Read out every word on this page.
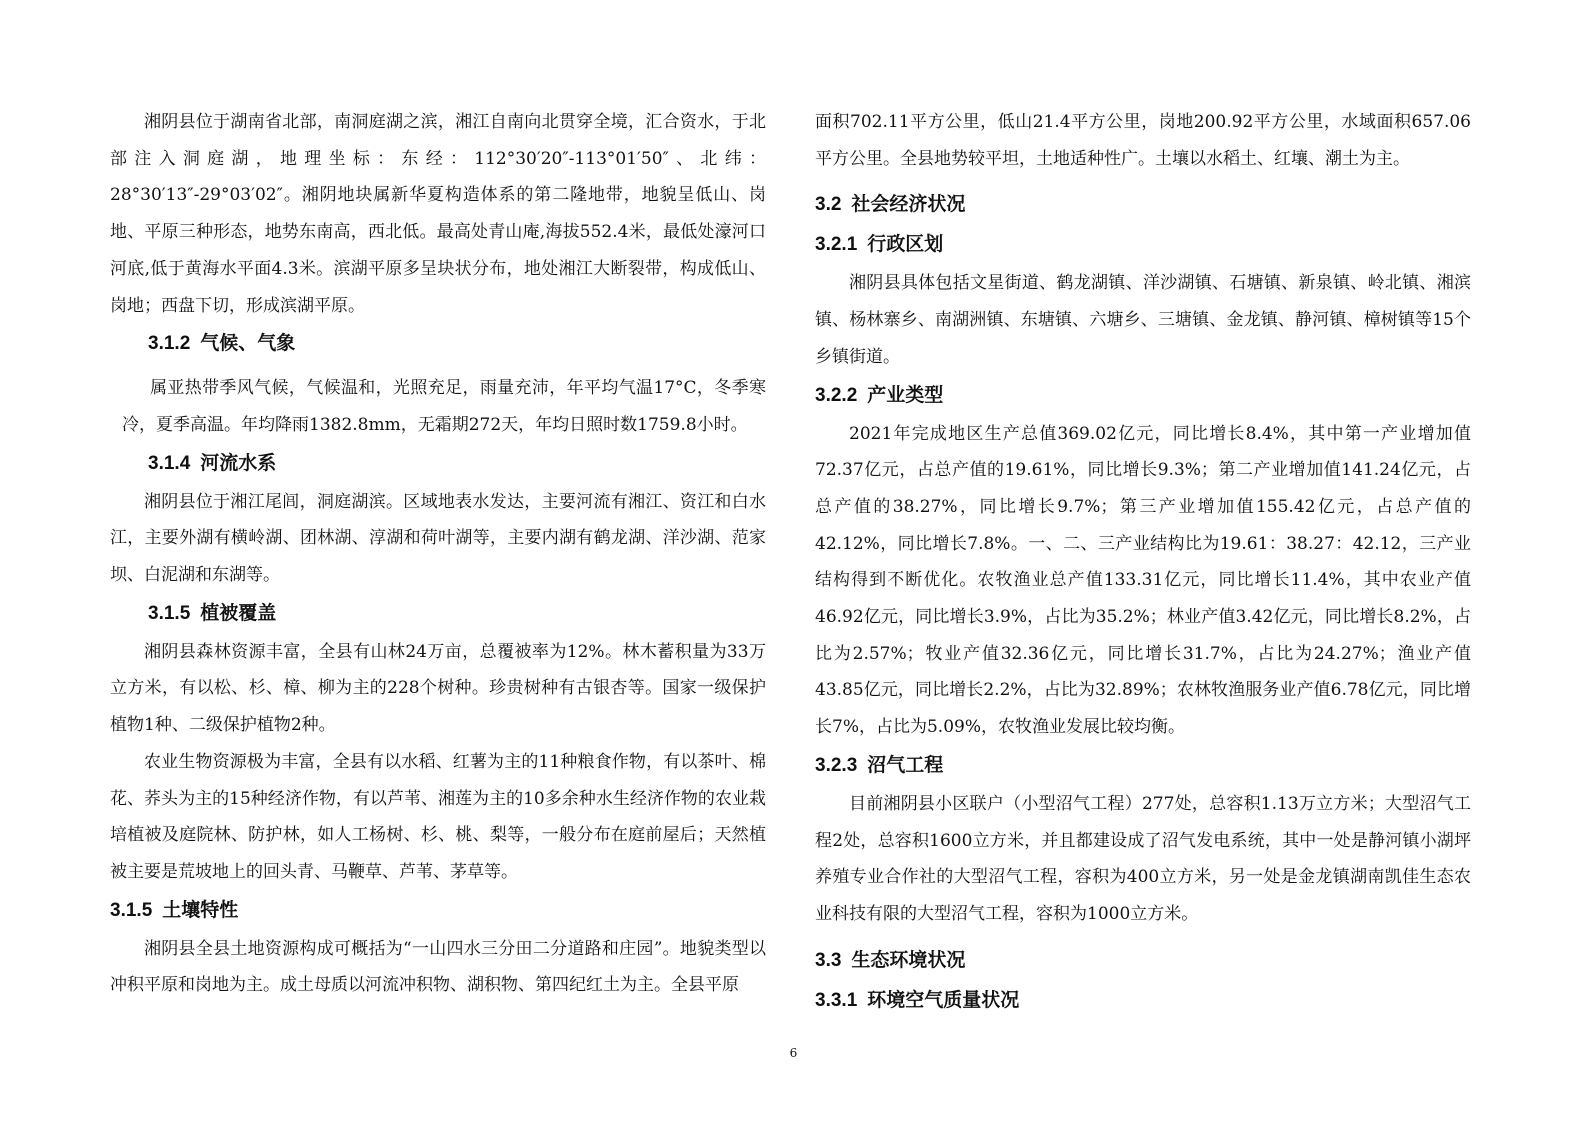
湘阴县位于湖南省北部，南洞庭湖之滨，湘江自南向北贯穿全境，汇合资水，于北部注入洞庭湖，地理坐标：东经：112°30′20″-113°01′50″、北纬：28°30′13″-29°03′02″。湘阴地块属新华夏构造体系的第二隆地带，地貌呈低山、岗地、平原三种形态，地势东南高，西北低。最高处青山庵,海拔552.4米，最低处濠河口河底,低于黄海水平面4.3米。滨湖平原多呈块状分布，地处湘江大断裂带，构成低山、岗地；西盘下切，形成滨湖平原。

3.1.2 气候、气象

属亚热带季风气候，气候温和，光照充足，雨量充沛，年平均气温17°C，冬季寒冷，夏季高温。年均降雨1382.8mm，无霜期272天，年均日照时数1759.8小时。

3.1.4 河流水系

湘阴县位于湘江尾闾，洞庭湖滨。区域地表水发达，主要河流有湘江、资江和白水江，主要外湖有横岭湖、团林湖、淳湖和荷叶湖等，主要内湖有鹤龙湖、洋沙湖、范家坝、白泥湖和东湖等。

3.1.5 植被覆盖

湘阴县森林资源丰富，全县有山林24万亩，总覆被率为12%。林木蓄积量为33万立方米，有以松、杉、樟、柳为主的228个树种。珍贵树种有古银杏等。国家一级保护植物1种、二级保护植物2种。

农业生物资源极为丰富，全县有以水稻、红薯为主的11种粮食作物，有以茶叶、棉花、荞头为主的15种经济作物，有以芦苇、湘莲为主的10多余种水生经济作物的农业栽培植被及庭院林、防护林，如人工杨树、杉、桃、梨等，一般分布在庭前屋后；天然植被主要是荒坡地上的回头青、马鞭草、芦苇、茅草等。

3.1.5 土壤特性

湘阴县全县土地资源构成可概括为“一山四水三分田二分道路和庄园”。地貌类型以冲积平原和岗地为主。成土母质以河流冲积物、湖积物、第四纪红土为主。全县平原

面积702.11平方公里，低山21.4平方公里，岗地200.92平方公里，水域面积657.06平方公里。全县地势较平坦，土地适种性广。土壤以水稻土、红壤、潮土为主。

3.2 社会经济状况
3.2.1 行政区划

湘阴县具体包括文星街道、鹤龙湖镇、洋沙湖镇、石塘镇、新泉镇、岭北镇、湘滨镇、杨林寨乡、南湖洲镇、东塘镇、六塘乡、三塘镇、金龙镇、静河镇、樟树镇等15个乡镇街道。

3.2.2 产业类型

2021年完成地区生产总值369.02亿元，同比增长8.4%，其中第一产业增加值72.37亿元，占总产值的19.61%，同比增长9.3%；第二产业增加值141.24亿元，占总产值的38.27%，同比增长9.7%；第三产业增加值155.42亿元，占总产值的42.12%，同比增长7.8%。一、二、三产业结构比为19.61：38.27：42.12，三产业结构得到不断优化。农牧渔业总产值133.31亿元，同比增长11.4%，其中农业产值46.92亿元，同比增长3.9%，占比为35.2%；林业产值3.42亿元，同比增长8.2%，占比为2.57%；牧业产值32.36亿元，同比增长31.7%，占比为24.27%；渔业产值43.85亿元，同比增长2.2%，占比为32.89%；农林牧渔服务业产值6.78亿元，同比增长7%，占比为5.09%，农牧渔业发展比较均衡。

3.2.3 沼气工程

目前湘阴县小区联户（小型沼气工程）277处，总容积1.13万立方米；大型沼气工程2处，总容积1600立方米，并且都建设成了沼气发电系统，其中一处是静河镇小湖坪养殖专业合作社的大型沼气工程，容积为400立方米，另一处是金龙镇湖南凯佳生态农业科技有限的大型沼气工程，容积为1000立方米。

3.3 生态环境状况
3.3.1 环境空气质量状况
6
